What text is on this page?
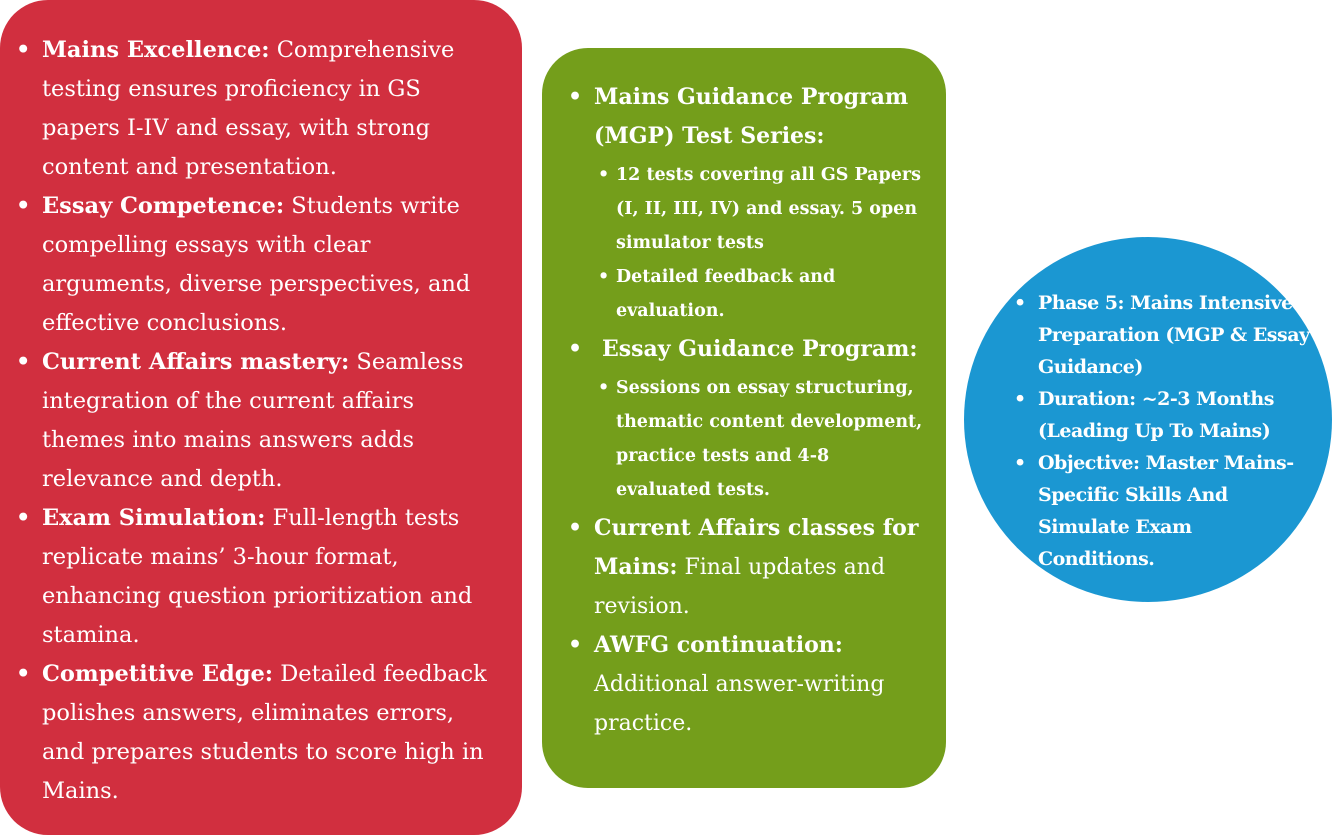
• Mains Excellence: Comprehensive testing ensures proficiency in GS papers I-IV and essay, with strong content and presentation.
• Essay Competence: Students write compelling essays with clear arguments, diverse perspectives, and effective conclusions.
• Current Affairs mastery: Seamless integration of the current affairs themes into mains answers adds relevance and depth.
• Exam Simulation: Full-length tests replicate mains’ 3-hour format, enhancing question prioritization and stamina.
• Competitive Edge: Detailed feedback polishes answers, eliminates errors, and prepares students to score high in Mains.
• Mains Guidance Program (MGP) Test Series:
• 12 tests covering all GS Papers (I, II, III, IV) and essay. 5 open simulator tests
• Detailed feedback and evaluation.
• Essay Guidance Program:
• Sessions on essay structuring, thematic content development, practice tests and 4-8 evaluated tests.
• Current Affairs classes for Mains: Final updates and revision.
• AWFG continuation: Additional answer-writing practice.
• Phase 5: Mains Intensive Preparation (MGP & Essay Guidance)
• Duration: ~2-3 Months (Leading Up To Mains)
• Objective: Master Mains-Specific Skills And Simulate Exam Conditions.
